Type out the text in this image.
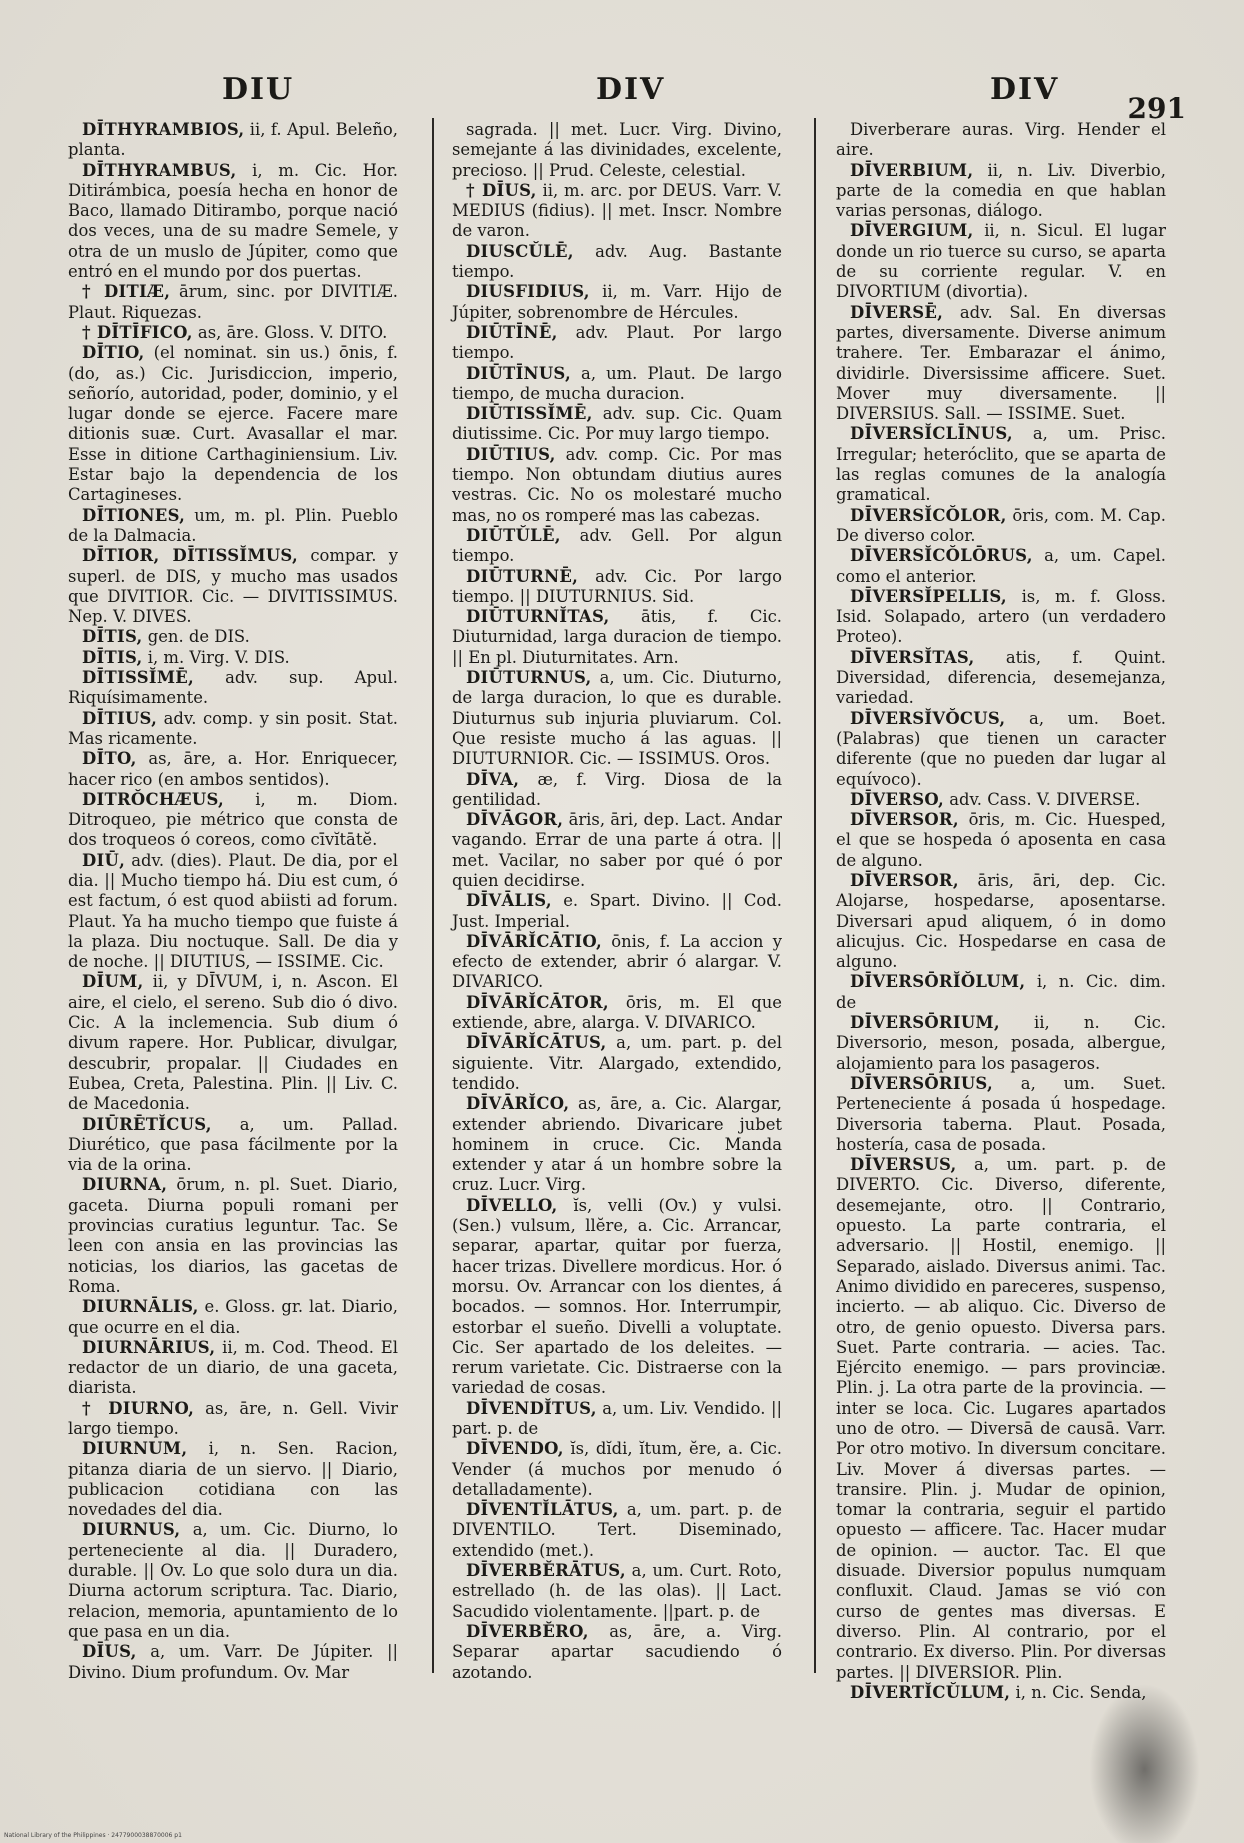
DIU	DIV	DIV
291

DĪTHYRAMBIOS, ii, f. Apul. Beleño, planta.

DĪTHYRAMBUS, i, m. Cic. Hor. Ditirámbica, poesía hecha en honor de Baco, llamado Ditirambo, porque nació dos veces, una de su madre Semele, y otra de un muslo de Júpiter, como que entró en el mundo por dos puertas.

† DITIÆ, ārum, sinc. por DIVITIÆ. Plaut. Riquezas.

† DĪTĪFICO, as, āre. Gloss. V. DITO.

DĪTIO, (el nominat. sin us.) ōnis, f. (do, as.) Cic. Jurisdiccion, imperio, señorío, autoridad, poder, dominio, y el lugar donde se ejerce. Facere mare ditionis suæ. Curt. Avasallar el mar. Esse in ditione Carthaginiensium. Liv. Estar bajo la dependencia de los Cartagineses.

DĪTIONES, um, m. pl. Plin. Pueblo de la Dalmacia.

DĪTIOR, DĪTISSĬMUS, compar. y superl. de DIS, y mucho mas usados que DIVITIOR. Cic. — DIVITISSIMUS. Nep. V. DIVES.

DĪTIS, gen. de DIS.

DĪTIS, i, m. Virg. V. DIS.

DĪTISSĬMĒ, adv. sup. Apul. Riquísimamente.

DĪTIUS, adv. comp. y sin posit. Stat. Mas ricamente.

DĪTO, as, āre, a. Hor. Enriquecer, hacer rico (en ambos sentidos).

DITRŎCHÆUS, i, m. Diom. Ditroqueo, pie métrico que consta de dos troqueos ó coreos, como cīvĭtātĕ.

DIŪ, adv. (dies). Plaut. De dia, por el dia. || Mucho tiempo há. Diu est cum, ó est factum, ó est quod abiisti ad forum. Plaut. Ya ha mucho tiempo que fuiste á la plaza. Diu noctuque. Sall. De dia y de noche. || DIUTIUS, — ISSIME. Cic.

DĪUM, ii, y DĪVUM, i, n. Ascon. El aire, el cielo, el sereno. Sub dio ó divo. Cic. A la inclemencia. Sub dium ó divum rapere. Hor. Publicar, divulgar, descubrir, propalar. || Ciudades en Eubea, Creta, Palestina. Plin. || Liv. C. de Macedonia.

DIŪRĒTĬCUS, a, um. Pallad. Diurético, que pasa fácilmente por la via de la orina.

DIURNA, ōrum, n. pl. Suet. Diario, gaceta. Diurna populi romani per provincias curatius leguntur. Tac. Se leen con ansia en las provincias las noticias, los diarios, las gacetas de Roma.

DIURNĀLIS, e. Gloss. gr. lat. Diario, que ocurre en el dia.

DIURNĀRIUS, ii, m. Cod. Theod. El redactor de un diario, de una gaceta, diarista.

† DIURNO, as, āre, n. Gell. Vivir largo tiempo.

DIURNUM, i, n. Sen. Racion, pitanza diaria de un siervo. || Diario, publicacion cotidiana con las novedades del dia.

DIURNUS, a, um. Cic. Diurno, lo perteneciente al dia. || Duradero, durable. || Ov. Lo que solo dura un dia. Diurna actorum scriptura. Tac. Diario, relacion, memoria, apuntamiento de lo que pasa en un dia.

DĪUS, a, um. Varr. De Júpiter. || Divino. Dium profundum. Ov. Mar

sagrada. || met. Lucr. Virg. Divino, semejante á las divinidades, excelente, precioso. || Prud. Celeste, celestial.

† DĪUS, ii, m. arc. por DEUS. Varr. V. MEDIUS (fidius). || met. Inscr. Nombre de varon.

DIUSCŬLĒ, adv. Aug. Bastante tiempo.

DIUSFIDIUS, ii, m. Varr. Hijo de Júpiter, sobrenombre de Hércules.

DIŪTĪNĒ, adv. Plaut. Por largo tiempo.

DIŪTĪNUS, a, um. Plaut. De largo tiempo, de mucha duracion.

DIŪTISSĬMĒ, adv. sup. Cic. Quam diutissime. Cic. Por muy largo tiempo.

DIŪTIUS, adv. comp. Cic. Por mas tiempo. Non obtundam diutius aures vestras. Cic. No os molestaré mucho mas, no os romperé mas las cabezas.

DIŪTŬLĒ, adv. Gell. Por algun tiempo.

DIŪTURNĒ, adv. Cic. Por largo tiempo. || DIUTURNIUS. Sid.

DIŪTURNĬTAS, ātis, f. Cic. Diuturnidad, larga duracion de tiempo. || En pl. Diuturnitates. Arn.

DIŪTURNUS, a, um. Cic. Diuturno, de larga duracion, lo que es durable. Diuturnus sub injuria pluviarum. Col. Que resiste mucho á las aguas. || DIUTURNIOR. Cic. — ISSIMUS. Oros.

DĪVA, æ, f. Virg. Diosa de la gentilidad.

DĪVĀGOR, āris, āri, dep. Lact. Andar vagando. Errar de una parte á otra. || met. Vacilar, no saber por qué ó por quien decidirse.

DĪVĀLIS, e. Spart. Divino. || Cod. Just. Imperial.

DĪVĀRĬCĀTIO, ōnis, f. La accion y efecto de extender, abrir ó alargar. V. DIVARICO.

DĪVĀRĬCĀTOR, ōris, m. El que extiende, abre, alarga. V. DIVARICO.

DĪVĀRĬCĀTUS, a, um. part. p. del siguiente. Vitr. Alargado, extendido, tendido.

DĪVĀRĬCO, as, āre, a. Cic. Alargar, extender abriendo. Divaricare jubet hominem in cruce. Cic. Manda extender y atar á un hombre sobre la cruz. Lucr. Virg.

DĪVELLO, ĭs, velli (Ov.) y vulsi. (Sen.) vulsum, llĕre, a. Cic. Arrancar, separar, apartar, quitar por fuerza, hacer trizas. Divellere mordicus. Hor. ó morsu. Ov. Arrancar con los dientes, á bocados. — somnos. Hor. Interrumpir, estorbar el sueño. Divelli a voluptate. Cic. Ser apartado de los deleites. — rerum varietate. Cic. Distraerse con la variedad de cosas.

DĪVENDĬTUS, a, um. Liv. Vendido. || part. p. de

DĪVENDO, ĭs, dĭdi, ĭtum, ĕre, a. Cic. Vender (á muchos por menudo ó detalladamente).

DĪVENTĬLĀTUS, a, um. part. p. de DIVENTILO. Tert. Diseminado, extendido (met.).

DĪVERBĔRĀTUS, a, um. Curt. Roto, estrellado (h. de las olas). || Lact. Sacudido violentamente. ||part. p. de

DĪVERBĔRO, as, āre, a. Virg. Separar apartar sacudiendo ó azotando.

Diverberare auras. Virg. Hender el aire.

DĪVERBIUM, ii, n. Liv. Diverbio, parte de la comedia en que hablan varias personas, diálogo.

DĪVERGIUM, ii, n. Sicul. El lugar donde un rio tuerce su curso, se aparta de su corriente regular. V. en DIVORTIUM (divortia).

DĪVERSĒ, adv. Sal. En diversas partes, diversamente. Diverse animum trahere. Ter. Embarazar el ánimo, dividirle. Diversissime afficere. Suet. Mover muy diversamente. || DIVERSIUS. Sall. — ISSIME. Suet.

DĪVERSĬCLĪNUS, a, um. Prisc. Irregular; heteróclito, que se aparta de las reglas comunes de la analogía gramatical.

DĪVERSĬCŎLOR, ōris, com. M. Cap. De diverso color.

DĪVERSĬCŎLŌRUS, a, um. Capel. como el anterior.

DĪVERSĬPELLIS, is, m. f. Gloss. Isid. Solapado, artero (un verdadero Proteo).

DĪVERSĬTAS, atis, f. Quint. Diversidad, diferencia, desemejanza, variedad.

DĪVERSĬVŎCUS, a, um. Boet. (Palabras) que tienen un caracter diferente (que no pueden dar lugar al equívoco).

DĪVERSO, adv. Cass. V. DIVERSE.

DĪVERSOR, ōris, m. Cic. Huesped, el que se hospeda ó aposenta en casa de alguno.

DĪVERSOR, āris, āri, dep. Cic. Alojarse, hospedarse, aposentarse. Diversari apud aliquem, ó in domo alicujus. Cic. Hospedarse en casa de alguno.

DĪVERSŌRĬŎLUM, i, n. Cic. dim. de

DĪVERSŌRIUM, ii, n. Cic. Diversorio, meson, posada, albergue, alojamiento para los pasageros.

DĪVERSŌRIUS, a, um. Suet. Perteneciente á posada ú hospedage. Diversoria taberna. Plaut. Posada, hostería, casa de posada.

DĪVERSUS, a, um. part. p. de DIVERTO. Cic. Diverso, diferente, desemejante, otro. || Contrario, opuesto. La parte contraria, el adversario. || Hostil, enemigo. || Separado, aislado. Diversus animi. Tac. Animo dividido en pareceres, suspenso, incierto. — ab aliquo. Cic. Diverso de otro, de genio opuesto. Diversa pars. Suet. Parte contraria. — acies. Tac. Ejército enemigo. — pars provinciæ. Plin. j. La otra parte de la provincia. — inter se loca. Cic. Lugares apartados uno de otro. — Diversā de causā. Varr. Por otro motivo. In diversum concitare. Liv. Mover á diversas partes. — transire. Plin. j. Mudar de opinion, tomar la contraria, seguir el partido opuesto — afficere. Tac. Hacer mudar de opinion. — auctor. Tac. El que disuade. Diversior populus numquam confluxit. Claud. Jamas se vió con curso de gentes mas diversas. E diverso. Plin. Al contrario, por el contrario. Ex diverso. Plin. Por diversas partes. || DIVERSIOR. Plin.

DĪVERTĬCŬLUM, i, n. Cic. Senda,

National Library of the Philippines · 2477900038870006 p1
